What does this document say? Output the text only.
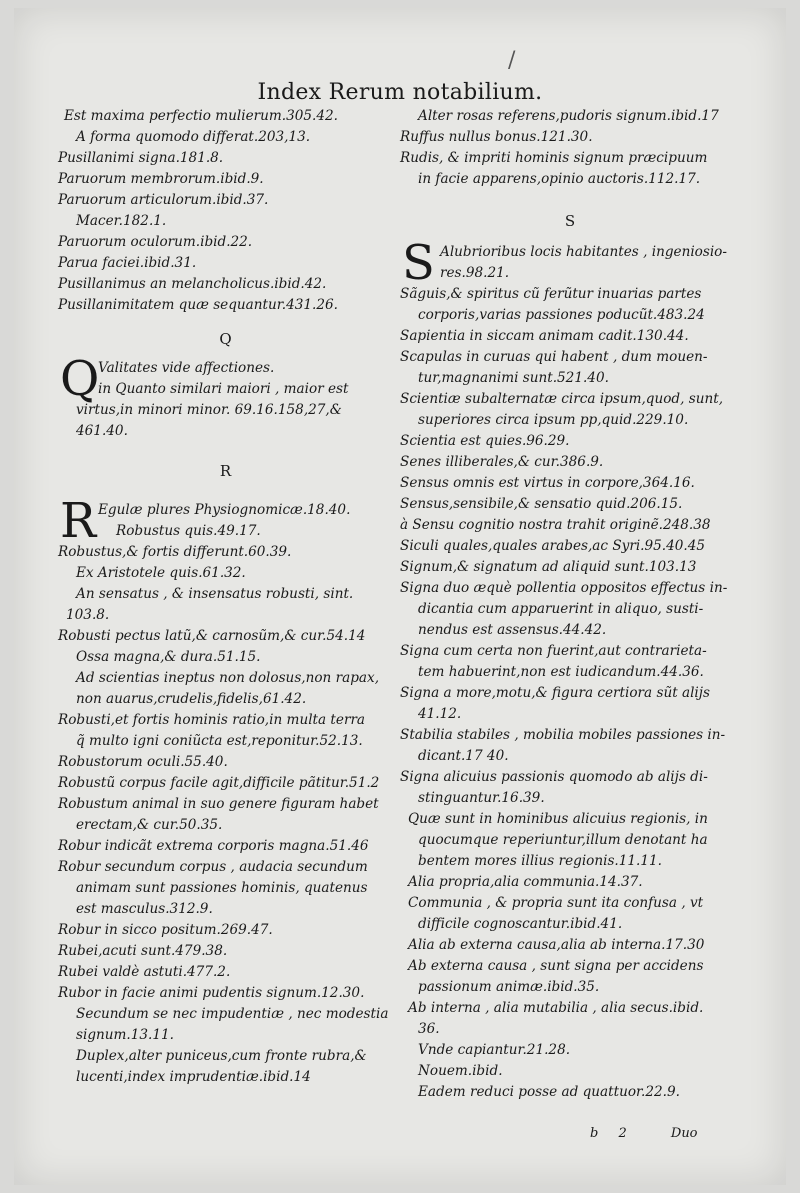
/
Index Rerum notabilium.
Est maxima perfectio mulierum.305.42.
A forma quomodo differat.203,13.
Pusillanimi signa.181.8.
Paruorum membrorum.ibid.9.
Paruorum articulorum.ibid.37.
Macer.182.1.
Paruorum oculorum.ibid.22.
Parua faciei.ibid.31.
Pusillanimus an melancholicus.ibid.42.
Pusillanimitatem quæ sequantur.431.26.
Q
Q
Valitates vide affectiones.
in Quanto similari maiori , maior est
virtus,in minori minor. 69.16.158,27,&
461.40.
R
R Egulæ plures Physiognomicæ.18.40.
Robustus quis.49.17.
Robustus,& fortis differunt.60.39.
Ex Aristotele quis.61.32.
An sensatus , & insensatus robusti, sint.
103.8.
Robusti pectus latũ,& carnosũm,& cur.54.14
Ossa magna,& dura.51.15.
Ad scientias ineptus non dolosus,non rapax,
non auarus,crudelis,fidelis,61.42.
Robusti,et fortis hominis ratio,in multa terra
q̃ multo igni coniũcta est,reponitur.52.13.
Robustorum oculi.55.40.
Robustũ corpus facile agit,difficile pãtitur.51.2
Robustum animal in suo genere figuram habet
erectam,& cur.50.35.
Robur indicãt extrema corporis magna.51.46
Robur secundum corpus , audacia secundum
animam sunt passiones hominis, quatenus
est masculus.312.9.
Robur in sicco positum.269.47.
Rubei,acuti sunt.479.38.
Rubei valdè astuti.477.2.
Rubor in facie animi pudentis signum.12.30.
Secundum se nec impudentiæ , nec modestia
signum.13.11.
Duplex,alter puniceus,cum fronte rubra,&
lucenti,index imprudentiæ.ibid.14
Alter rosas referens,pudoris signum.ibid.17
Ruffus nullus bonus.121.30.
Rudis, & impriti hominis signum præcipuum
in facie apparens,opinio auctoris.112.17.
S
S Alubrioribus locis habitantes , ingeniosio-
res.98.21.
Sãguis,& spiritus cũ ferũtur inuarias partes
corporis,varias passiones poducũt.483.24
Sapientia in siccam animam cadit.130.44.
Scapulas in curuas qui habent , dum mouen-
tur,magnanimi sunt.521.40.
Scientiæ subalternatæ circa ipsum,quod, sunt,
superiores circa ipsum pp,quid.229.10.
Scientia est quies.96.29.
Senes illiberales,& cur.386.9.
Sensus omnis est virtus in corpore,364.16.
Sensus,sensibile,& sensatio quid.206.15.
à Sensu cognitio nostra trahit originẽ.248.38
Siculi quales,quales arabes,ac Syri.95.40.45
Signum,& signatum ad aliquid sunt.103.13
Signa duo æquè pollentia oppositos effectus in-
dicantia cum apparuerint in aliquo, susti-
nendus est assensus.44.42.
Signa cum certa non fuerint,aut contrarieta-
tem habuerint,non est iudicandum.44.36.
Signa a more,motu,& figura certiora sũt alijs
41.12.
Stabilia stabiles , mobilia mobiles passiones in-
dicant.17 40.
Signa alicuius passionis quomodo ab alijs di-
stinguantur.16.39.
Quæ sunt in hominibus alicuius regionis, in
quocumque reperiuntur,illum denotant ha
bentem mores illius regionis.11.11.
Alia propria,alia communia.14.37.
Communia , & propria sunt ita confusa , vt
difficile cognoscantur.ibid.41.
Alia ab externa causa,alia ab interna.17.30
Ab externa causa , sunt signa per accidens
passionum animæ.ibid.35.
Ab interna , alia mutabilia , alia secus.ibid.
36.
Vnde capiantur.21.28.
Nouem.ibid.
Eadem reduci posse ad quattuor.22.9.
b 2	Duo
